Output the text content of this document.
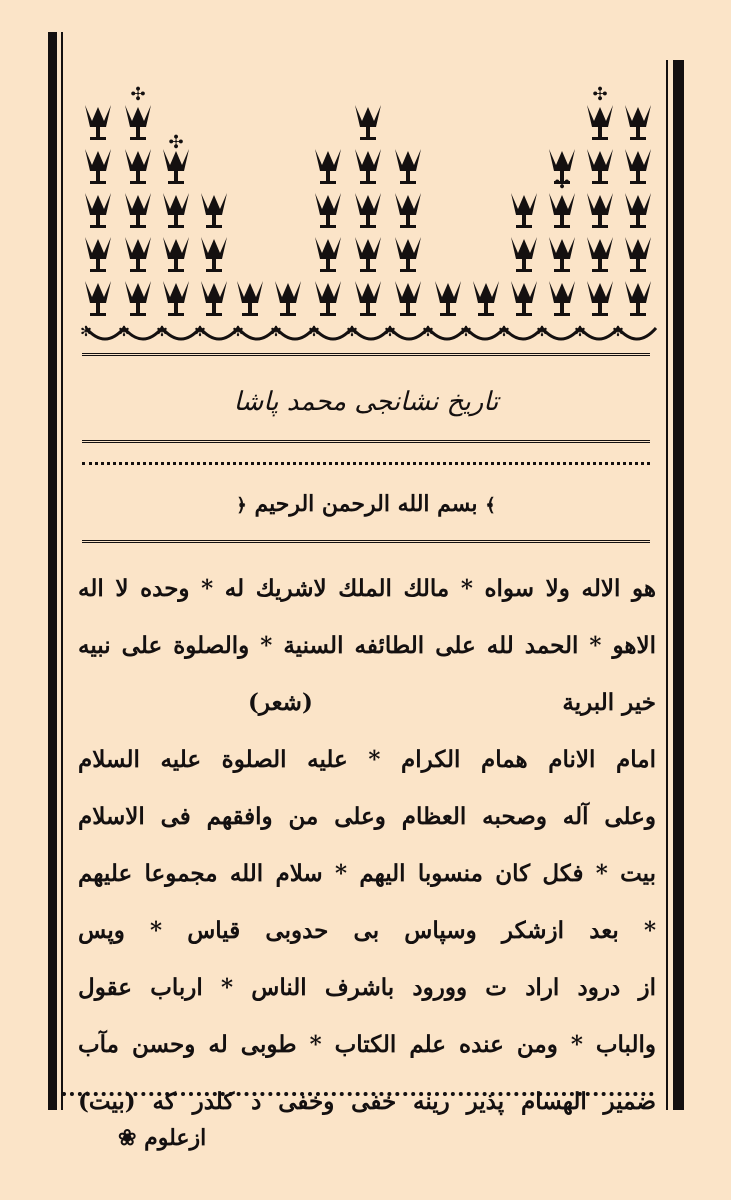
✣
✣
✣
✣
✣
✻ ✻ ✻ ✻ ✻ ✻ ✻ ✻ ✻ ✻ ✻ ✻ ✻ ✻ ✻
تاریخ نشانجی محمد پاشا
﴾ بسم الله الرحمن الرحیم ﴿
هو الاله ولا سواه * مالك الملك لاشریك له * وحده لا اله
الاهو * الحمد لله علی الطائفه السنیة * والصلوة علی نبیه
خیر البریة
(شعر)
امام الانام همام الكرام * علیه الصلوة علیه السلام
وعلی آله وصحبه العظام وعلی من وافقهم فی الاسلام
بیت * فكل كان منسوبا الیهم * سلام الله مجموعا علیهم
* بعد ازشكر وسپاس بی حدوبی قیاس * وپس
از درود اراد ت وورود باشرف الناس * ارباب عقول
والباب * ومن عنده علم الكتاب * طوبی له وحسن مآب
ضمیر الهسام پذیر رینه خفی وخفی د كلدر كه (بیت)
ازعلوم ❀
